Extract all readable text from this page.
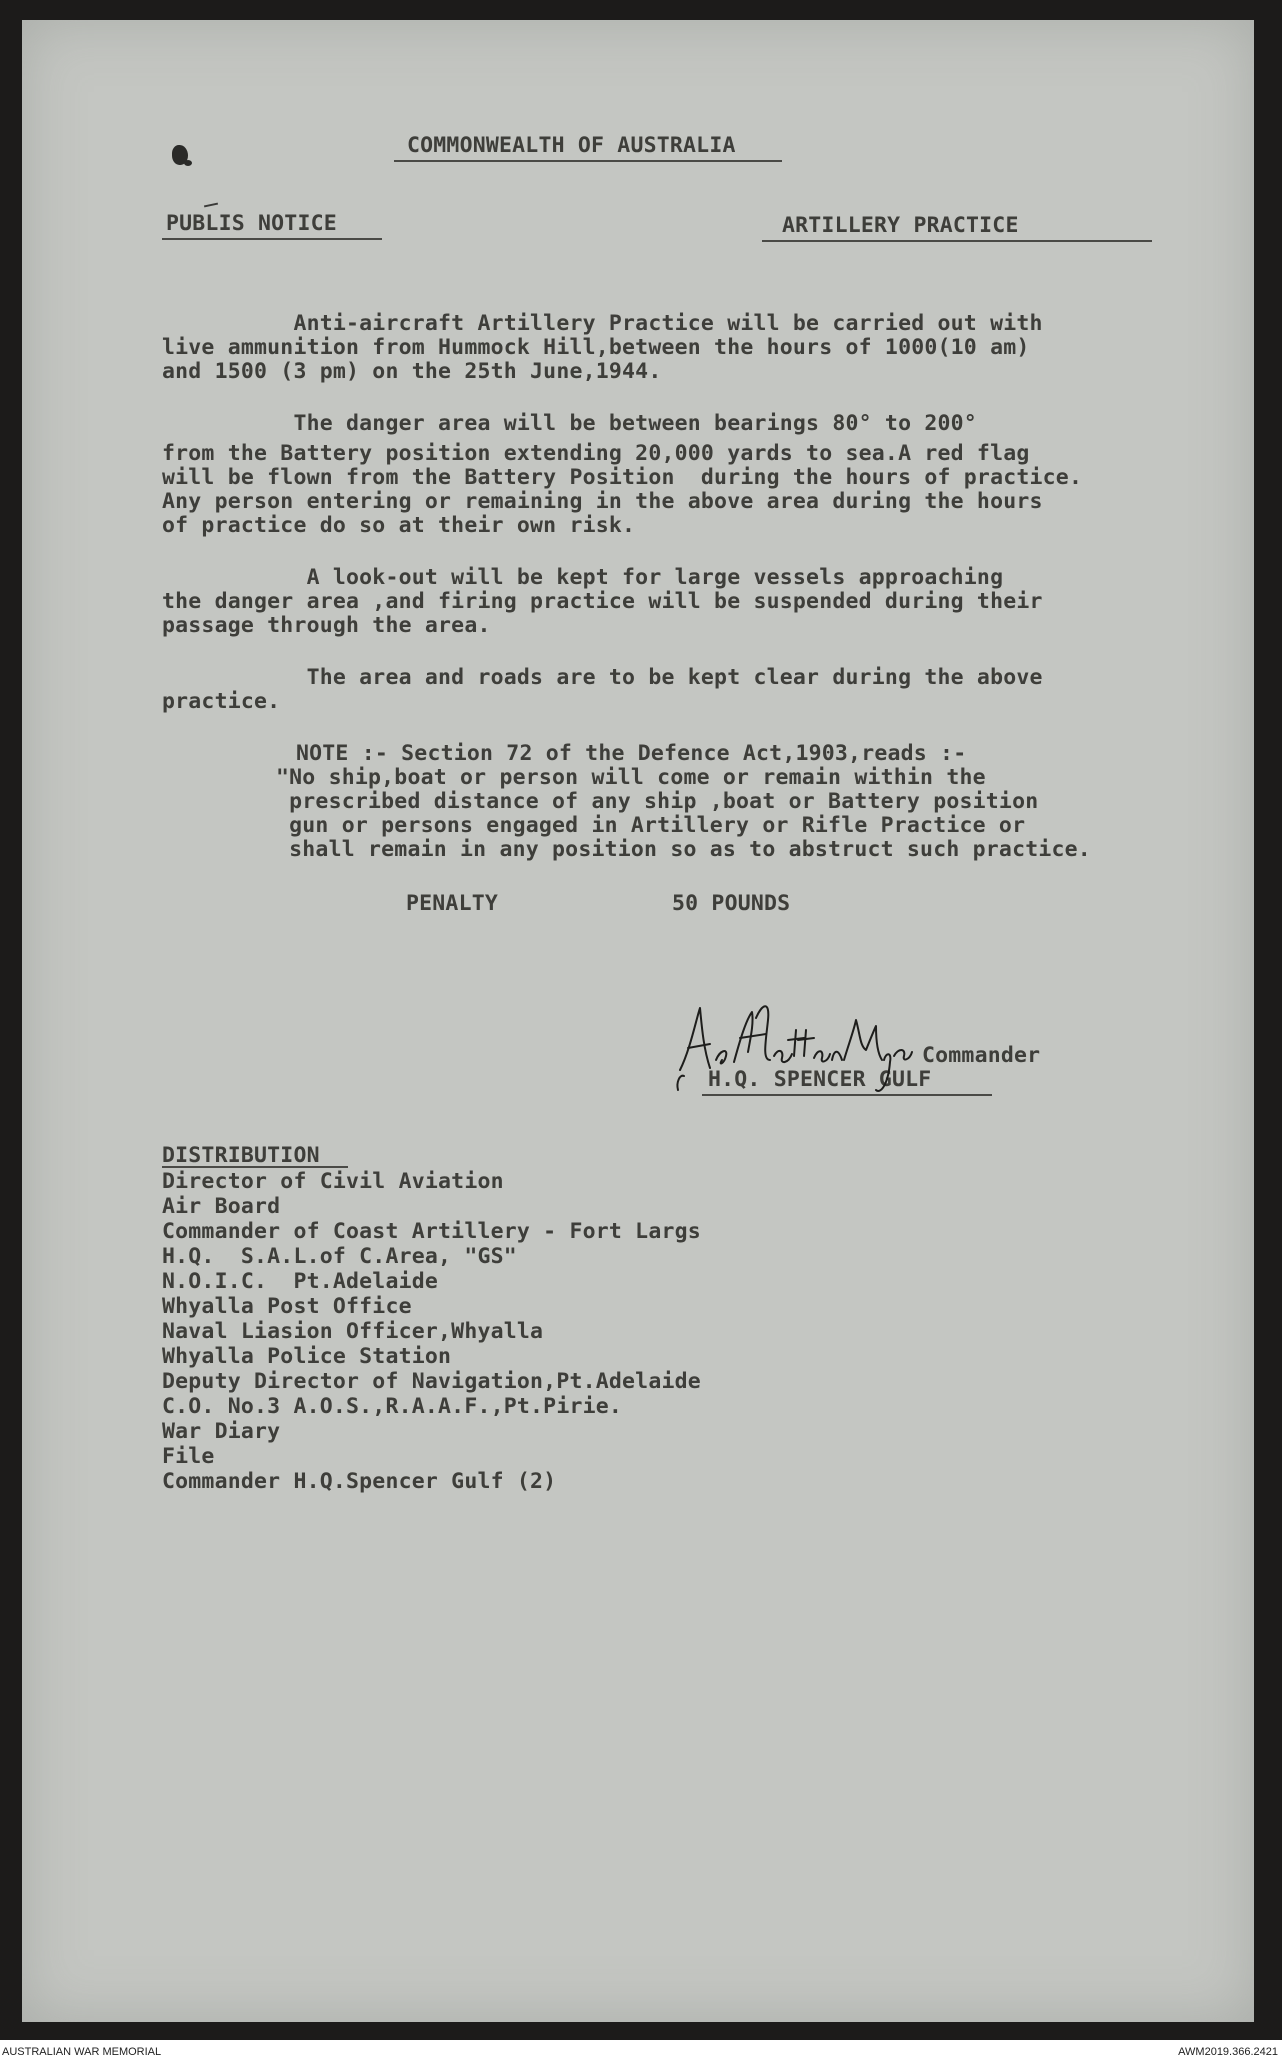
COMMONWEALTH OF AUSTRALIA

PUBLIS NOTICE	ARTILLERY PRACTICE

Anti-aircraft Artillery Practice will be carried out with

live ammunition from Hummock Hill,between the hours of 1000(10 am)

and 1500 (3 pm) on the 25th June,1944.

The danger area will be between bearings 80° to 200°

from the Battery position extending 20,000 yards to sea.A red flag

will be flown from the Battery Position  during the hours of practice.

Any person entering or remaining in the above area during the hours

of practice do so at their own risk.

A look-out will be kept for large vessels approaching

the danger area ,and firing practice will be suspended during their

passage through the area.

The area and roads are to be kept clear during the above

practice.

NOTE :- Section 72 of the Defence Act,1903,reads :-

"No ship,boat or person will come or remain within the

prescribed distance of any ship ,boat or Battery position

gun or persons engaged in Artillery or Rifle Practice or

shall remain in any position so as to abstruct such practice.

PENALTY	50 POUNDS

Commander

H.Q. SPENCER GULF

DISTRIBUTION

Director of Civil Aviation

Air Board

Commander of Coast Artillery - Fort Largs

H.Q.  S.A.L.of C.Area, "GS"

N.O.I.C.  Pt.Adelaide

Whyalla Post Office

Naval Liasion Officer,Whyalla

Whyalla Police Station

Deputy Director of Navigation,Pt.Adelaide

C.O. No.3 A.O.S.,R.A.A.F.,Pt.Pirie.

War Diary

File

Commander H.Q.Spencer Gulf (2)

AUSTRALIAN WAR MEMORIAL	AWM2019.366.2421
